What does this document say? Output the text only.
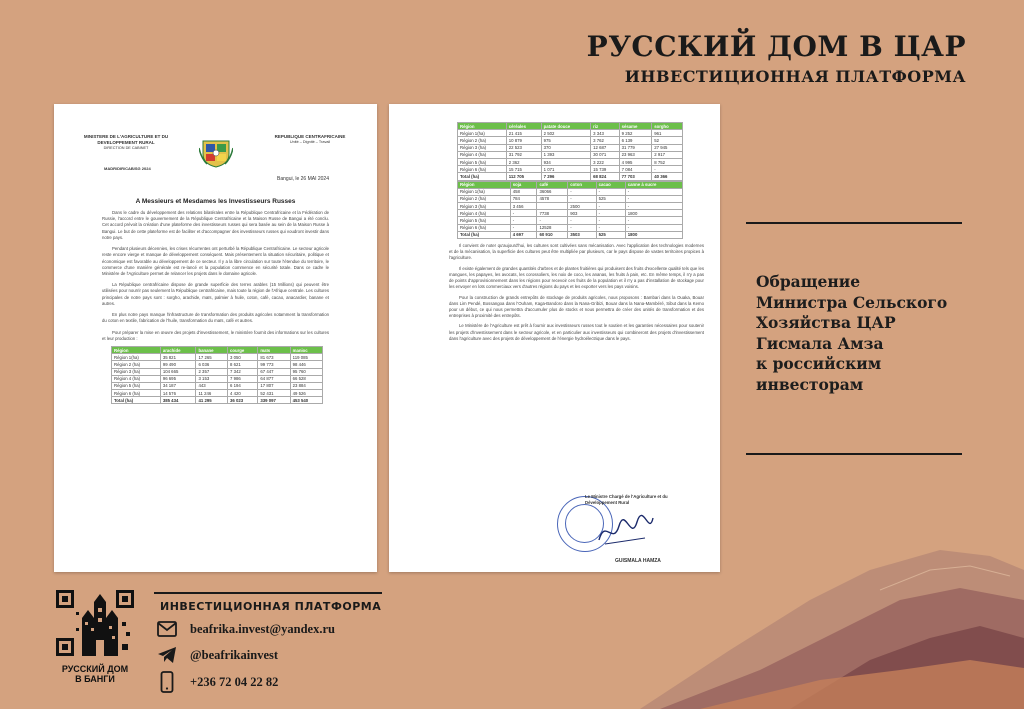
РУССКИЙ ДОМ В ЦАР
ИНВЕСТИЦИОННАЯ ПЛАТФОРМА
MINISTERE DE L'AGRICULTURE ET DU DEVELOPPEMENT RURAL
DIRECTION DE CABINET
REPUBLIQUE CENTRAFRICAINE
Unité – Dignité – Travail
MADR/DIR/CAB/SG 2024
Bangui, le 26 MAI 2024
A Messieurs et Mesdames les Investisseurs Russes
Dans le cadre du développement des relations bilatérales entre la République Centrafricaine et la Fédération de Russie, l'accord entre le gouvernement de la République Centrafricaine et la Maison Russe de Bangui a été conclu. Cet accord prévoit la création d'une plateforme des investisseurs russes qui sera basée au sein de la Maison Russe à Bangui. Le but de cette plateforme est de faciliter et d'accompagner des investisseurs russes qui voudront investir dans notre pays.
Pendant plusieurs décennies, les crises récurrentes ont perturbé la République Centrafricaine. Le secteur agricole reste encore vierge et manque de développement conséquent. Mais présentement la situation sécuritaire, politique et économique est favorable au développement de ce secteur. Il y a la libre circulation sur toute l'étendue du territoire, le commerce d'une manière générale est re-lancé et la population commence en sécurité totale. Dans ce cadre le Ministère de l'Agriculture permet de relancer les projets dans le domaine agricole.
La République centrafricaine dispose de grande superficie des terres arables (15 Millions) qui peuvent être utilisées pour nourrir pas seulement la République centrafricaine, mais toute la région de l'Afrique centrale. Les cultures principales de notre pays sont : sorgho, arachide, maïs, palmier à huile, coton, café, cacao, anacardier, banane et autres.
En plus notre pays manque l'infrastructure de transformation des produits agricoles notamment la transformation du coton en textile, fabrication de l'huile, transformation du maïs, café et autres.
Pour préparer la mise en œuvre des projets d'investissement, le ministère fournit des informations sur les cultures et leur production :
Région	arachide	banane	courge	maïs	manioc
Région 1(ha)	35 821	17 265	3 050	81 673	119 085
Région 2 (ha)	99 490	6 036	8 621	99 773	98 446
Région 3 (ha)	104 665	2 357	7 342	67 447	95 760
Région 4 (ha)	96 695	3 153	7 986	64 877	66 528
Région 5 (ha)	34 187	443	6 194	17 807	23 884
Région 6 (ha)	14 576	11 246	4 420	52 431	49 526
Total (ha)	385 434	41 295	36 023	339 097	453 540
Région	céréales	patate douce	riz	sésame	sorgho
Région 1(ha)	21 415	2 502	3 343	9 252	961
Région 2 (ha)	10 879	975	3 762	6 139	52
Région 3 (ha)	22 523	370	12 687	31 779	27 945
Région 4 (ha)	31 792	1 393	30 071	23 963	2 917
Région 5 (ha)	2 362	934	3 222	4 995	8 752
Région 6 (ha)	15 715	1 071	15 739	7 084	-
Total (ha)	112 705	7 296	68 824	77 703	40 366
Région	soja	café	coton	cacao	canne à sucre
Région 1(ha)	458	36066	-	-	-
Région 2 (ha)	784	4578	-	525	-
Région 3 (ha)	3 456		2500	-	-
Région 4 (ha)	-	7738	903	-	1800
Région 5 (ha)	-	-	-	-	-
Région 6 (ha)	-	12528	-	-	-
Total (ha)	4 697	60 910	3503	525	1800
Il convient de noter qu'aujourd'hui, les cultures sont cultivées sans mécanisation. Avec l'application des technologies modernes et de la mécanisation, la superficie des cultures peut être multipliée par plusieurs, car le pays dispose de vastes territoires propices à l'agriculture.
Il existe également de grandes quantités d'arbres et de plantes fruitières qui produisent des fruits d'excellente qualité tels que les mangues, les papayes, les avocats, les corossoliers, les noix de coco, les ananas, les fruits à pain, etc. En même temps, il n'y a pas de points d'approvisionnement dans les régions pour recevoir ces fruits de la population et il n'y a pas d'installation de stockage pour les envoyer en lots commerciaux vers d'autres régions du pays et les exporter vers les pays voisins.
Pour la construction de grands entrepôts de stockage de produits agricoles, nous proposons : Bambari dans la Ouaka, Bouar dans Lim Pendé, Bossangoa dans l'Ouham, Kaga-Bandoro dans la Nana-Gribizi, Bouar dans la Nana-Mambéré, Sibut dans la Kemo pour un début, ce qui nous permettra d'accumuler plus de stocks et nous permettra de créer des unités de transformation et des entreprises à proximité des entrepôts.
Le Ministère de l'Agriculture est prêt à fournir aux investisseurs russes tout le soutien et les garanties nécessaires pour soutenir les projets d'investissement dans le secteur agricole, et en particulier aux investisseurs qui combineront des projets d'investissement dans l'agriculture avec des projets de développement de l'énergie hydroélectrique dans le pays.
Le Ministre Chargé de l'Agriculture et du Développement Rural
GUISMALA HAMZA
Обращение
Министра Сельского
Хозяйства ЦАР
Гисмала Амза
к российским
инвесторам
РУССКИЙ ДОМ
В БАНГИ
ИНВЕСТИЦИОННАЯ ПЛАТФОРМА
beafrika.invest@yandex.ru
@beafrikainvest
+236 72 04 22 82
